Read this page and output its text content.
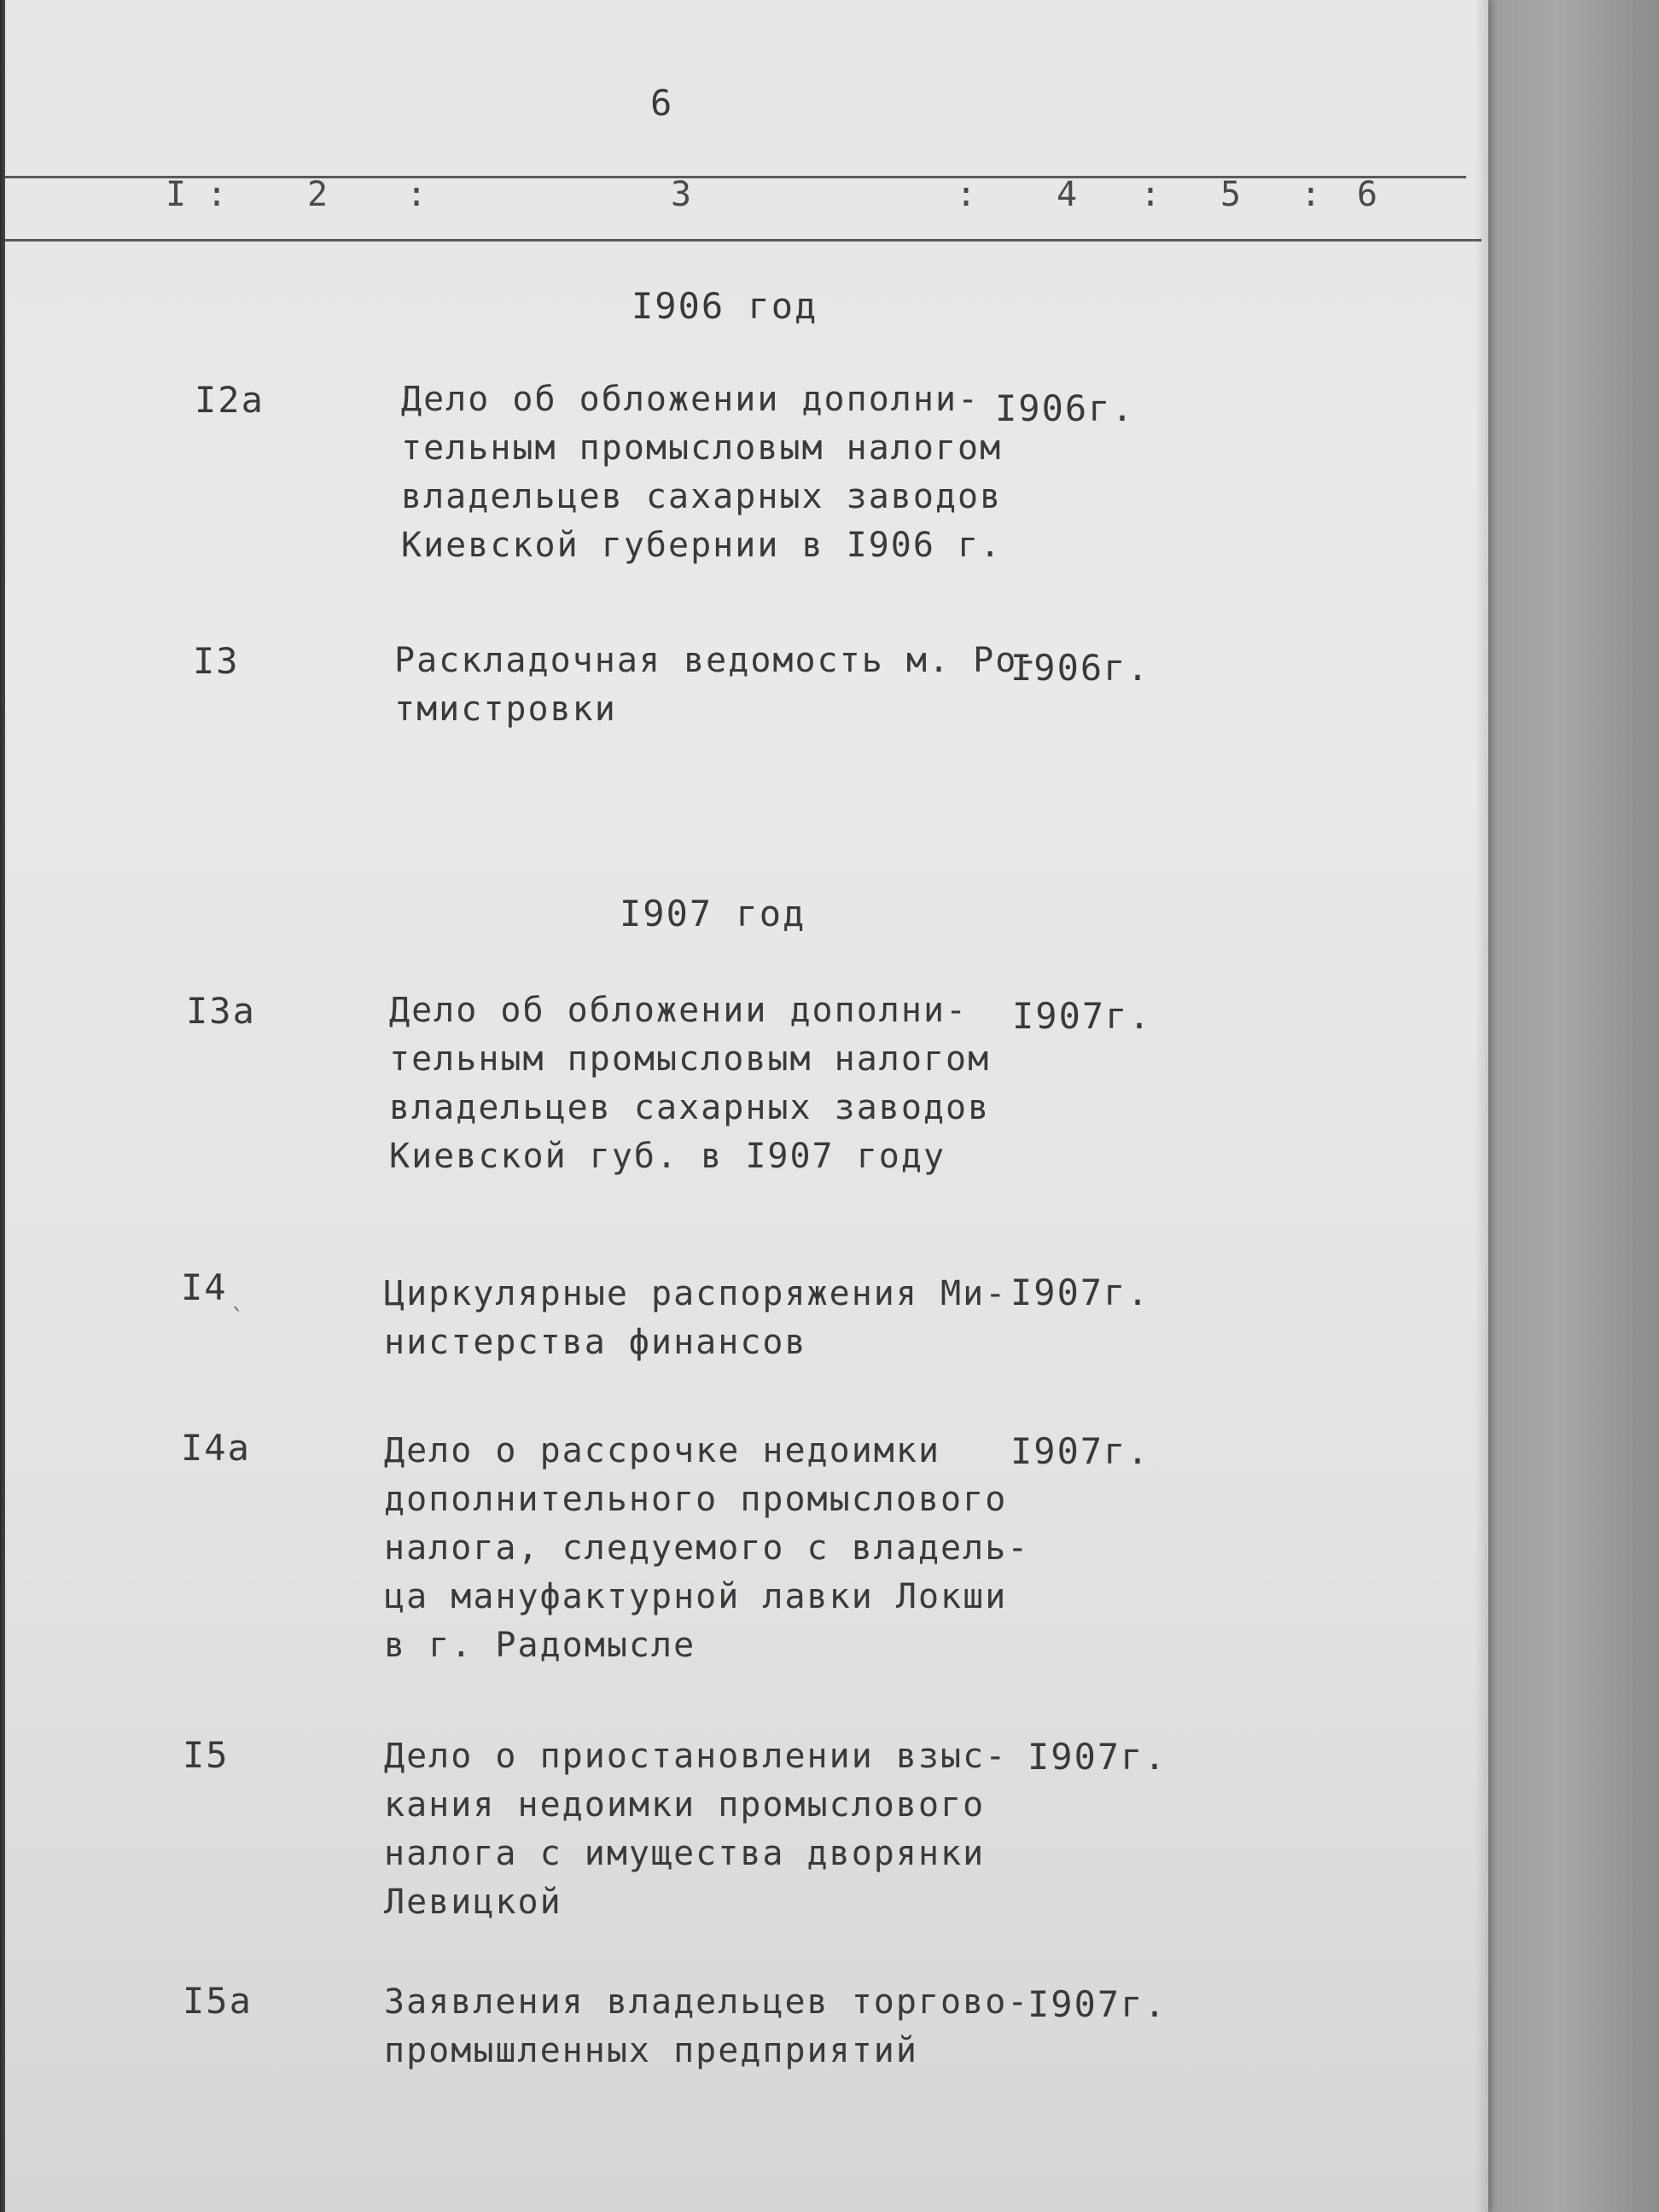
6
I : 2 :	3	: 4 : 5 : 6
I906 год
I2а	Дело об обложении дополни-
тельным промысловым налогом
владельцев сахарных заводов
Киевской губернии в I906 г.
I906г.
I3	Раскладочная ведомость м. Ро-
тмистровки
I906г.
I907 год
I3а	Дело об обложении дополни-
тельным промысловым налогом
владельцев сахарных заводов
Киевской губ. в I907 году
I907г.
I4 ˎ	Циркулярные распоряжения Ми-
нистерства финансов
I907г.
I4а	Дело о рассрочке недоимки
дополнительного промыслового
налога, следуемого с владель-
ца мануфактурной лавки Локши
в г. Радомысле
I907г.
I5	Дело о приостановлении взыс-
кания недоимки промыслового
налога с имущества дворянки
Левицкой
I907г.
I5а	Заявления владельцев торгово-
промышленных предприятий
I907г.
